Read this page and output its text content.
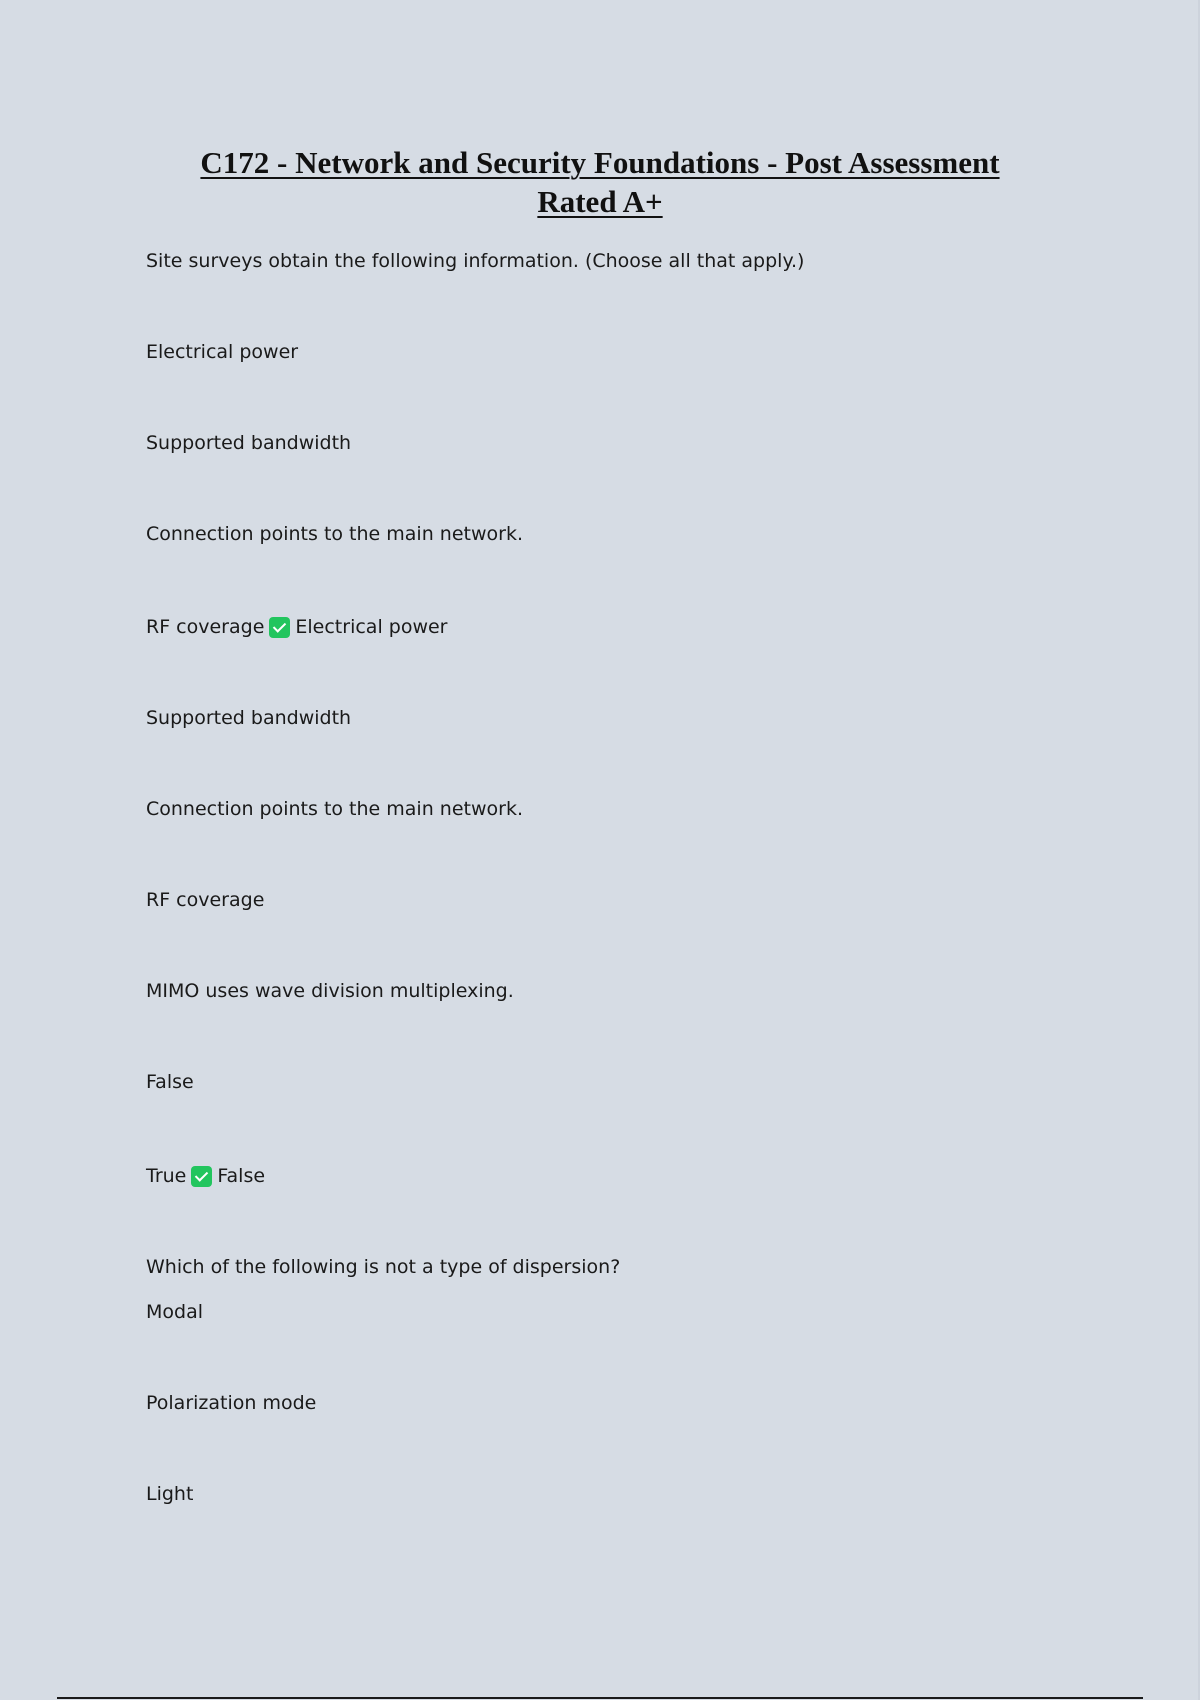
C172 - Network and Security Foundations - Post Assessment
Rated A+
Site surveys obtain the following information. (Choose all that apply.)
Electrical power
Supported bandwidth
Connection points to the main network.
RF coverage Electrical power
Supported bandwidth
Connection points to the main network.
RF coverage
MIMO uses wave division multiplexing.
False
True False
Which of the following is not a type of dispersion?
Modal
Polarization mode
Light
